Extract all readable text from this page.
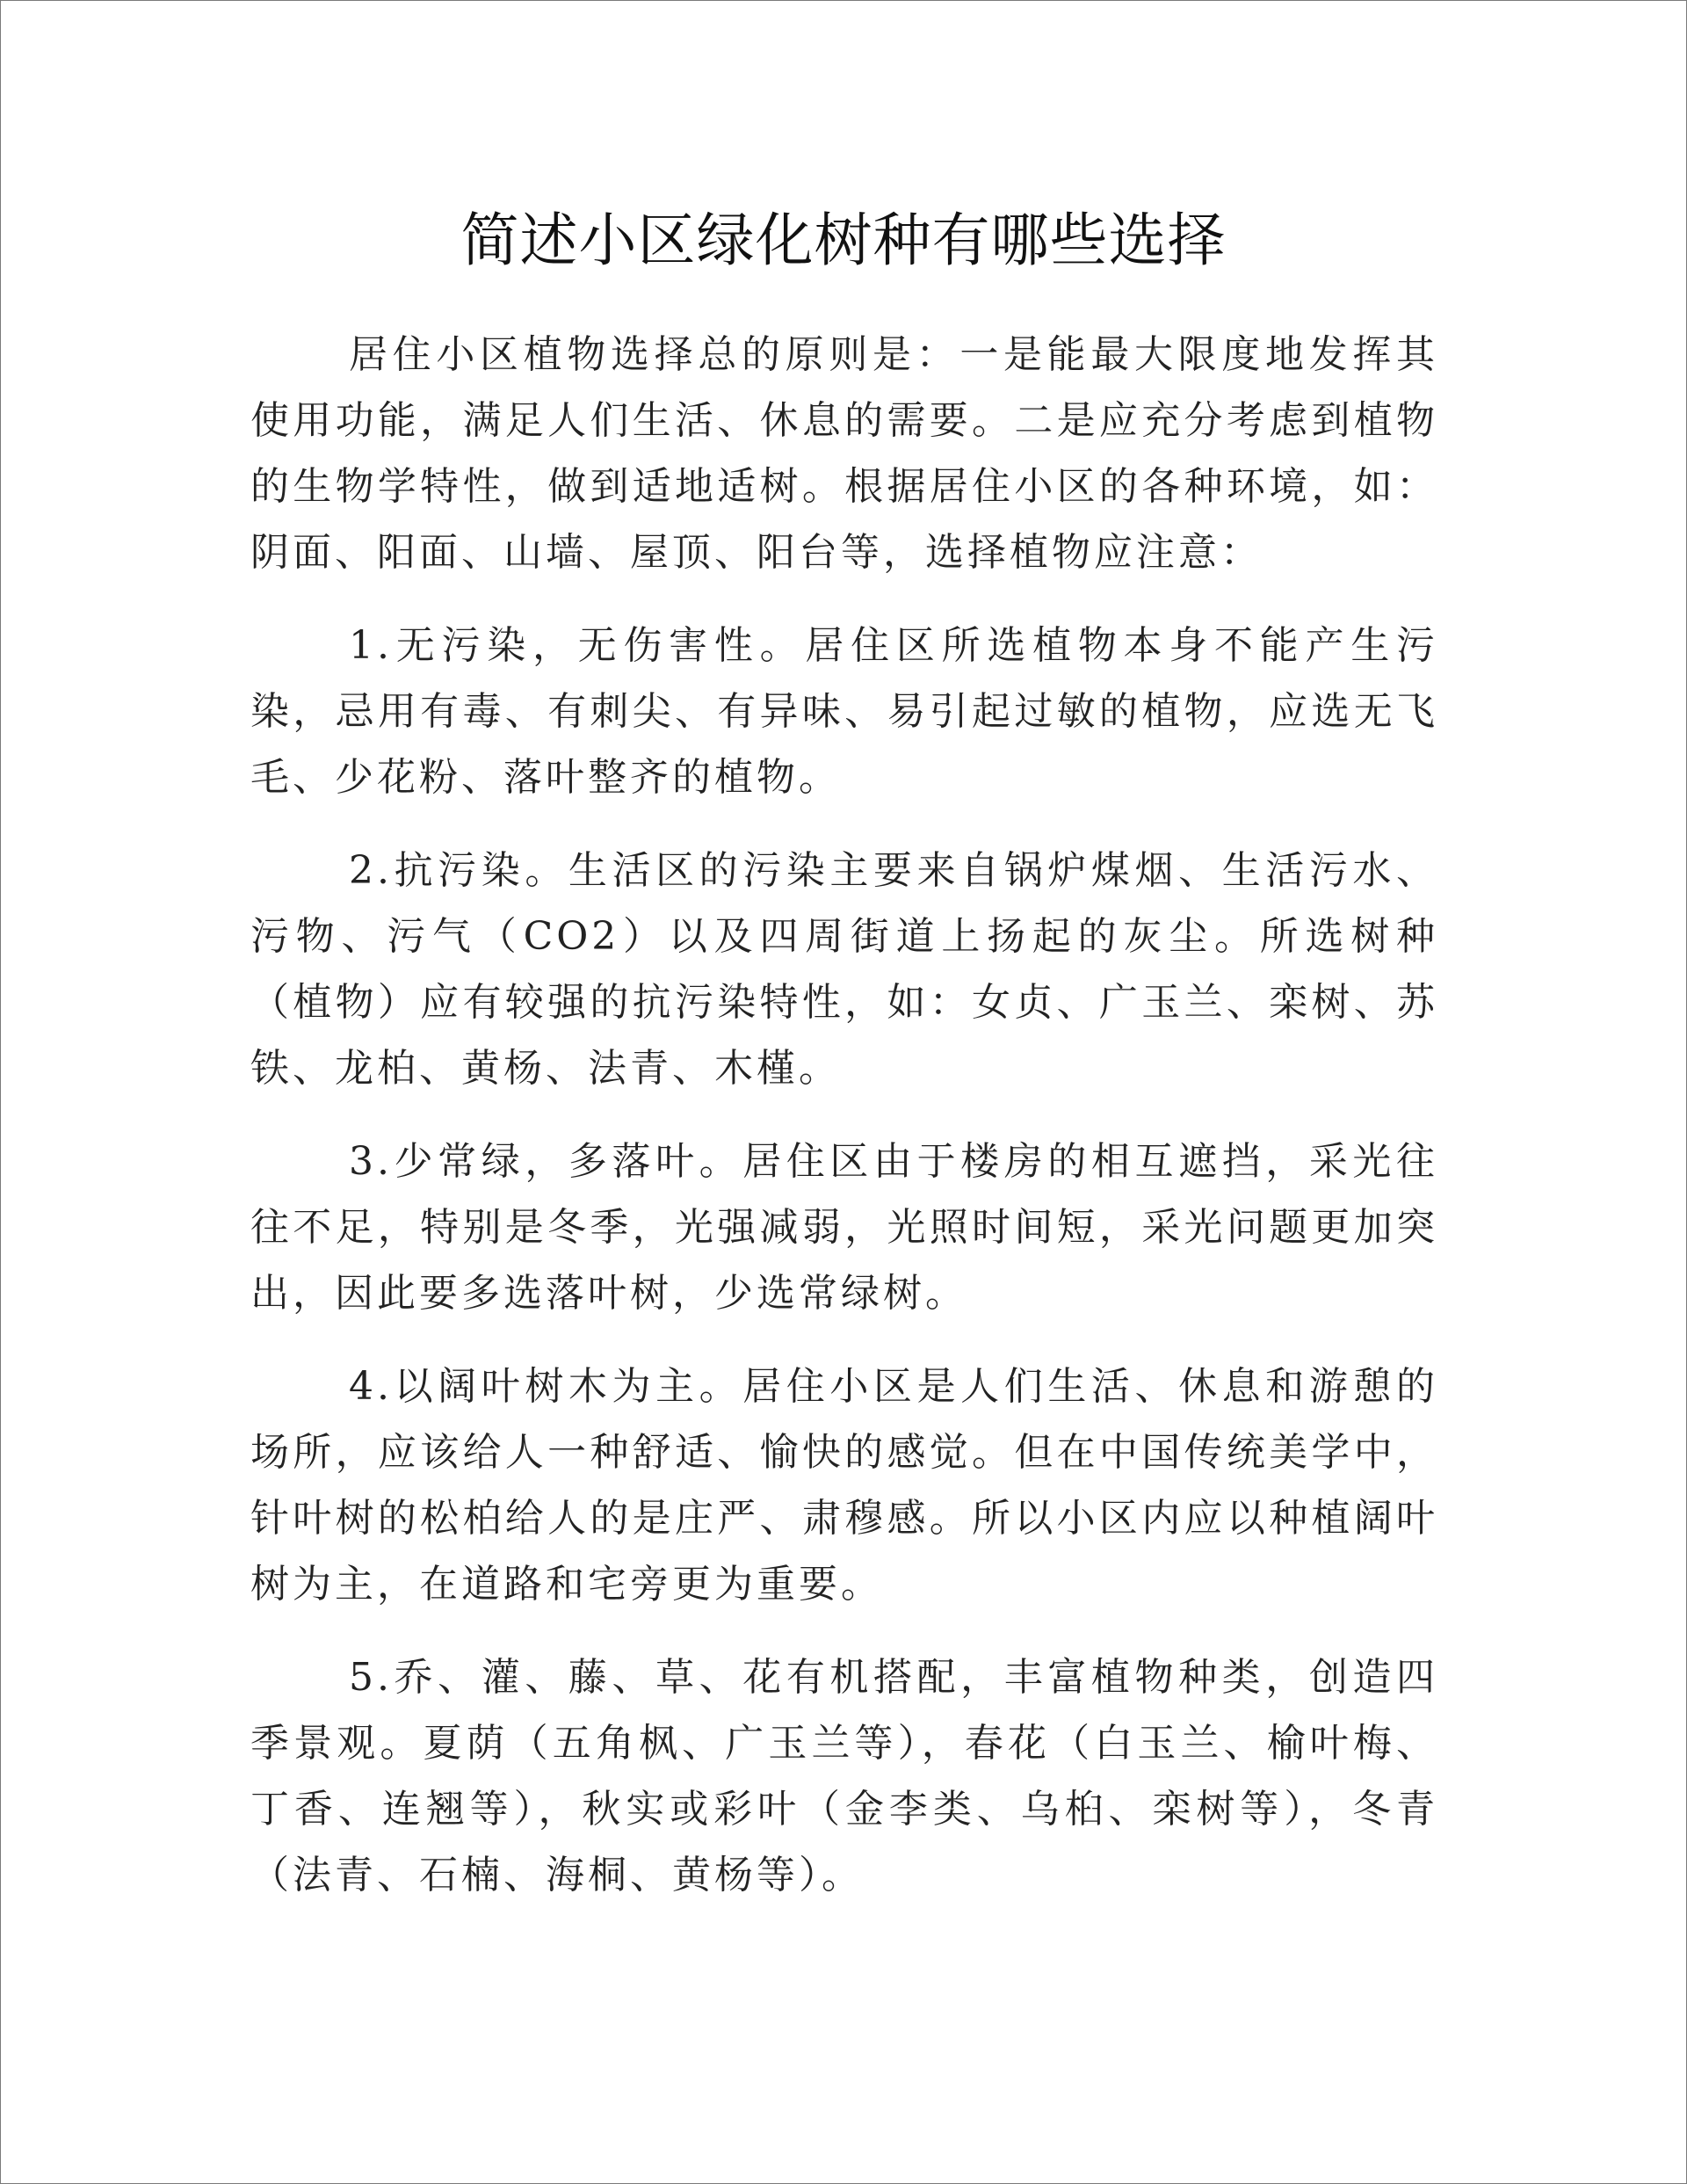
简述小区绿化树种有哪些选择

居住小区植物选择总的原则是：一是能最大限度地发挥其使用功能，满足人们生活、休息的需要。二是应充分考虑到植物的生物学特性，做到适地适树。根据居住小区的各种环境，如：阴面、阳面、山墙、屋顶、阳台等，选择植物应注意：

1.无污染，无伤害性。居住区所选植物本身不能产生污染，忌用有毒、有刺尖、有异味、易引起过敏的植物，应选无飞毛、少花粉、落叶整齐的植物。

2.抗污染。生活区的污染主要来自锅炉煤烟、生活污水、污物、污气（CO2）以及四周街道上扬起的灰尘。所选树种（植物）应有较强的抗污染特性，如：女贞、广玉兰、栾树、苏铁、龙柏、黄杨、法青、木槿。

3.少常绿，多落叶。居住区由于楼房的相互遮挡，采光往往不足，特别是冬季，光强减弱，光照时间短，采光问题更加突出，因此要多选落叶树，少选常绿树。

4.以阔叶树木为主。居住小区是人们生活、休息和游憩的场所，应该给人一种舒适、愉快的感觉。但在中国传统美学中，针叶树的松柏给人的是庄严、肃穆感。所以小区内应以种植阔叶树为主，在道路和宅旁更为重要。

5.乔、灌、藤、草、花有机搭配，丰富植物种类，创造四季景观。夏荫（五角枫、广玉兰等），春花（白玉兰、榆叶梅、丁香、连翘等），秋实或彩叶（金李类、乌桕、栾树等），冬青（法青、石楠、海桐、黄杨等）。
